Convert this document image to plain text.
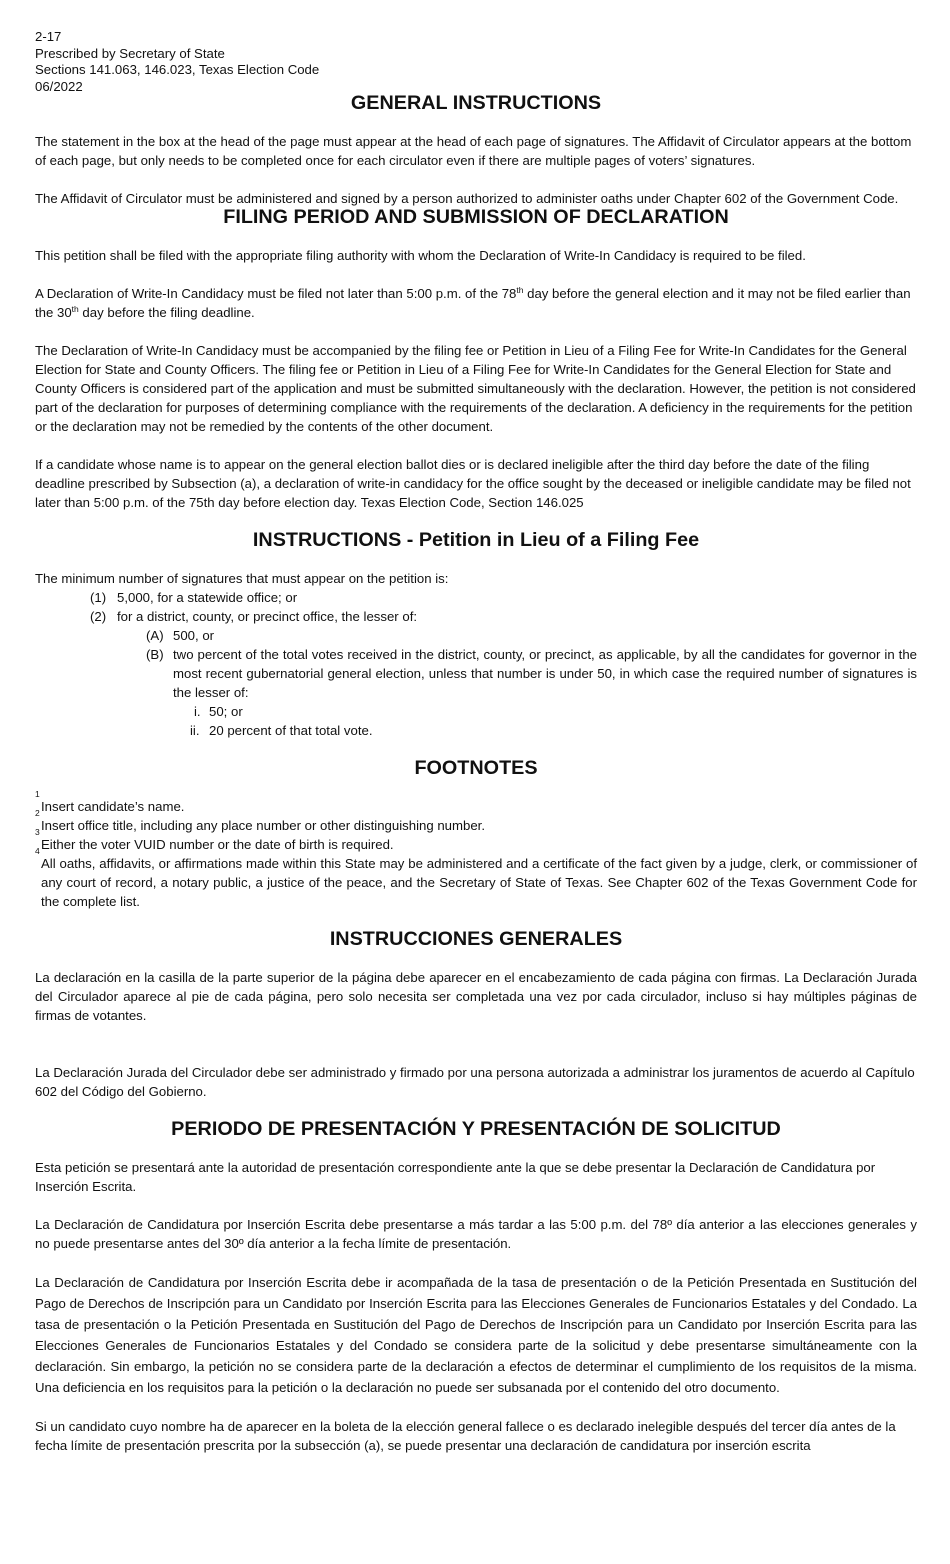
2-17
Prescribed by Secretary of State
Sections 141.063, 146.023, Texas Election Code
06/2022
GENERAL INSTRUCTIONS

The statement in the box at the head of the page must appear at the head of each page of signatures. The Affidavit of Circulator appears at the bottom of each page, but only needs to be completed once for each circulator even if there are multiple pages of voters’ signatures.

The Affidavit of Circulator must be administered and signed by a person authorized to administer oaths under Chapter 602 of the Government Code.

FILING PERIOD AND SUBMISSION OF DECLARATION

This petition shall be filed with the appropriate filing authority with whom the Declaration of Write-In Candidacy is required to be filed.

A Declaration of Write-In Candidacy must be filed not later than 5:00 p.m. of the 78th day before the general election and it may not be filed earlier than the 30th day before the filing deadline.

The Declaration of Write-In Candidacy must be accompanied by the filing fee or Petition in Lieu of a Filing Fee for Write-In Candidates for the General Election for State and County Officers. The filing fee or Petition in Lieu of a Filing Fee for Write-In Candidates for the General Election for State and County Officers is considered part of the application and must be submitted simultaneously with the declaration. However, the petition is not considered part of the declaration for purposes of determining compliance with the requirements of the declaration. A deficiency in the requirements for the petition or the declaration may not be remedied by the contents of the other document.

If a candidate whose name is to appear on the general election ballot dies or is declared ineligible after the third day before the date of the filing deadline prescribed by Subsection (a), a declaration of write-in candidacy for the office sought by the deceased or ineligible candidate may be filed not later than 5:00 p.m. of the 75th day before election day. Texas Election Code, Section 146.025

INSTRUCTIONS - Petition in Lieu of a Filing Fee

The minimum number of signatures that must appear on the petition is:

(1) 5,000, for a statewide office; or
(2) for a district, county, or precinct office, the lesser of:
(A) 500, or
(B) two percent of the total votes received in the district, county, or precinct, as applicable, by all the candidates for governor in the most recent gubernatorial general election, unless that number is under 50, in which case the required number of signatures is the lesser of:
i. 50; or
ii. 20 percent of that total vote.
FOOTNOTES
1
Insert candidate’s name.
2
Insert office title, including any place number or other distinguishing number.
3
Either the voter VUID number or the date of birth is required.
4
All oaths, affidavits, or affirmations made within this State may be administered and a certificate of the fact given by a judge, clerk, or commissioner of any court of record, a notary public, a justice of the peace, and the Secretary of State of Texas. See Chapter 602 of the Texas Government Code for the complete list.
INSTRUCCIONES GENERALES

La declaración en la casilla de la parte superior de la página debe aparecer en el encabezamiento de cada página con firmas. La Declaración Jurada del Circulador aparece al pie de cada página, pero solo necesita ser completada una vez por cada circulador, incluso si hay múltiples páginas de firmas de votantes.

La Declaración Jurada del Circulador debe ser administrado y firmado por una persona autorizada a administrar los juramentos de acuerdo al Capítulo 602 del Código del Gobierno.

PERIODO DE PRESENTACIÓN Y PRESENTACIÓN DE SOLICITUD

Esta petición se presentará ante la autoridad de presentación correspondiente ante la que se debe presentar la Declaración de Candidatura por Inserción Escrita.

La Declaración de Candidatura por Inserción Escrita debe presentarse a más tardar a las 5:00 p.m. del 78º día anterior a las elecciones generales y no puede presentarse antes del 30º día anterior a la fecha límite de presentación.

La Declaración de Candidatura por Inserción Escrita debe ir acompañada de la tasa de presentación o de la Petición Presentada en Sustitución del Pago de Derechos de Inscripción para un Candidato por Inserción Escrita para las Elecciones Generales de Funcionarios Estatales y del Condado. La tasa de presentación o la Petición Presentada en Sustitución del Pago de Derechos de Inscripción para un Candidato por Inserción Escrita para las Elecciones Generales de Funcionarios Estatales y del Condado se considera parte de la solicitud y debe presentarse simultáneamente con la declaración. Sin embargo, la petición no se considera parte de la declaración a efectos de determinar el cumplimiento de los requisitos de la misma. Una deficiencia en los requisitos para la petición o la declaración no puede ser subsanada por el contenido del otro documento.

Si un candidato cuyo nombre ha de aparecer en la boleta de la elección general fallece o es declarado inelegible después del tercer día antes de la fecha límite de presentación prescrita por la subsección (a), se puede presentar una declaración de candidatura por inserción escrita
